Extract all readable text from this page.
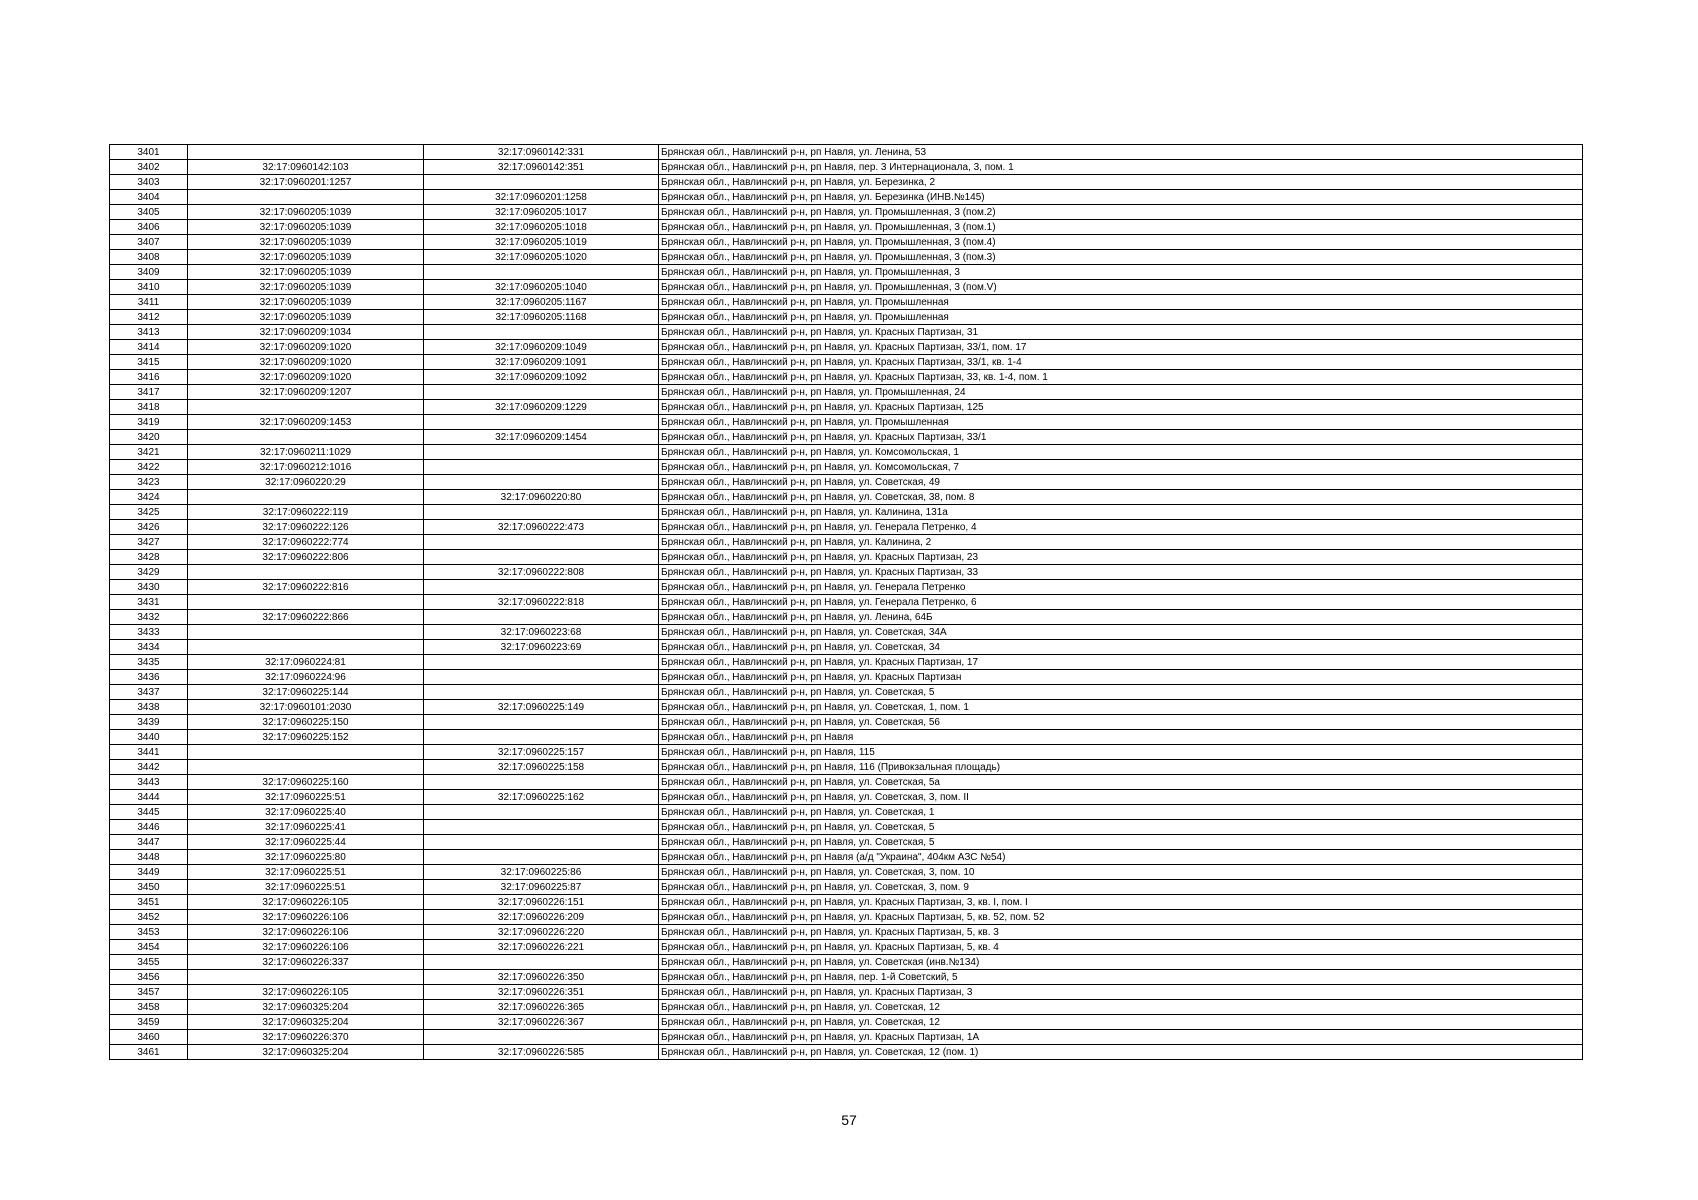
3401		32:17:0960142:331	Брянская обл., Навлинский р-н, рп Навля, ул. Ленина, 53
3402	32:17:0960142:103	32:17:0960142:351	Брянская обл., Навлинский р-н, рп Навля, пер. 3 Интернационала, 3, пом. 1
3403	32:17:0960201:1257		Брянская обл., Навлинский р-н, рп Навля, ул. Березинка, 2
3404		32:17:0960201:1258	Брянская обл., Навлинский р-н, рп Навля, ул. Березинка (ИНВ.№145)
3405	32:17:0960205:1039	32:17:0960205:1017	Брянская обл., Навлинский р-н, рп Навля, ул. Промышленная, 3 (пом.2)
3406	32:17:0960205:1039	32:17:0960205:1018	Брянская обл., Навлинский р-н, рп Навля, ул. Промышленная, 3 (пом.1)
3407	32:17:0960205:1039	32:17:0960205:1019	Брянская обл., Навлинский р-н, рп Навля, ул. Промышленная, 3 (пом.4)
3408	32:17:0960205:1039	32:17:0960205:1020	Брянская обл., Навлинский р-н, рп Навля, ул. Промышленная, 3 (пом.3)
3409	32:17:0960205:1039		Брянская обл., Навлинский р-н, рп Навля, ул. Промышленная, 3
3410	32:17:0960205:1039	32:17:0960205:1040	Брянская обл., Навлинский р-н, рп Навля, ул. Промышленная, 3 (пом.V)
3411	32:17:0960205:1039	32:17:0960205:1167	Брянская обл., Навлинский р-н, рп Навля, ул. Промышленная
3412	32:17:0960205:1039	32:17:0960205:1168	Брянская обл., Навлинский р-н, рп Навля, ул. Промышленная
3413	32:17:0960209:1034		Брянская обл., Навлинский р-н, рп Навля, ул. Красных Партизан, 31
3414	32:17:0960209:1020	32:17:0960209:1049	Брянская обл., Навлинский р-н, рп Навля, ул. Красных Партизан, 33/1, пом. 17
3415	32:17:0960209:1020	32:17:0960209:1091	Брянская обл., Навлинский р-н, рп Навля, ул. Красных Партизан, 33/1, кв. 1-4
3416	32:17:0960209:1020	32:17:0960209:1092	Брянская обл., Навлинский р-н, рп Навля, ул. Красных Партизан, 33, кв. 1-4, пом. 1
3417	32:17:0960209:1207		Брянская обл., Навлинский р-н, рп Навля, ул. Промышленная, 24
3418		32:17:0960209:1229	Брянская обл., Навлинский р-н, рп Навля, ул. Красных Партизан, 125
3419	32:17:0960209:1453		Брянская обл., Навлинский р-н, рп Навля, ул. Промышленная
3420		32:17:0960209:1454	Брянская обл., Навлинский р-н, рп Навля, ул. Красных Партизан, 33/1
3421	32:17:0960211:1029		Брянская обл., Навлинский р-н, рп Навля, ул. Комсомольская, 1
3422	32:17:0960212:1016		Брянская обл., Навлинский р-н, рп Навля, ул. Комсомольская, 7
3423	32:17:0960220:29		Брянская обл., Навлинский р-н, рп Навля, ул. Советская, 49
3424		32:17:0960220:80	Брянская обл., Навлинский р-н, рп Навля, ул. Советская, 38, пом. 8
3425	32:17:0960222:119		Брянская обл., Навлинский р-н, рп Навля, ул. Калинина, 131а
3426	32:17:0960222:126	32:17:0960222:473	Брянская обл., Навлинский р-н, рп Навля, ул. Генерала Петренко, 4
3427	32:17:0960222:774		Брянская обл., Навлинский р-н, рп Навля, ул. Калинина, 2
3428	32:17:0960222:806		Брянская обл., Навлинский р-н, рп Навля, ул. Красных Партизан, 23
3429		32:17:0960222:808	Брянская обл., Навлинский р-н, рп Навля, ул. Красных Партизан, 33
3430	32:17:0960222:816		Брянская обл., Навлинский р-н, рп Навля, ул. Генерала Петренко
3431		32:17:0960222:818	Брянская обл., Навлинский р-н, рп Навля, ул. Генерала Петренко, 6
3432	32:17:0960222:866		Брянская обл., Навлинский р-н, рп Навля, ул. Ленина, 64Б
3433		32:17:0960223:68	Брянская обл., Навлинский р-н, рп Навля, ул. Советская, 34А
3434		32:17:0960223:69	Брянская обл., Навлинский р-н, рп Навля, ул. Советская, 34
3435	32:17:0960224:81		Брянская обл., Навлинский р-н, рп Навля, ул. Красных Партизан, 17
3436	32:17:0960224:96		Брянская обл., Навлинский р-н, рп Навля, ул. Красных Партизан
3437	32:17:0960225:144		Брянская обл., Навлинский р-н, рп Навля, ул. Советская, 5
3438	32:17:0960101:2030	32:17:0960225:149	Брянская обл., Навлинский р-н, рп Навля, ул. Советская, 1, пом. 1
3439	32:17:0960225:150		Брянская обл., Навлинский р-н, рп Навля, ул. Советская, 56
3440	32:17:0960225:152		Брянская обл., Навлинский р-н, рп Навля
3441		32:17:0960225:157	Брянская обл., Навлинский р-н, рп Навля, 115
3442		32:17:0960225:158	Брянская обл., Навлинский р-н, рп Навля, 116 (Привокзальная площадь)
3443	32:17:0960225:160		Брянская обл., Навлинский р-н, рп Навля, ул. Советская, 5а
3444	32:17:0960225:51	32:17:0960225:162	Брянская обл., Навлинский р-н, рп Навля, ул. Советская, 3, пом. II
3445	32:17:0960225:40		Брянская обл., Навлинский р-н, рп Навля, ул. Советская, 1
3446	32:17:0960225:41		Брянская обл., Навлинский р-н, рп Навля, ул. Советская, 5
3447	32:17:0960225:44		Брянская обл., Навлинский р-н, рп Навля, ул. Советская, 5
3448	32:17:0960225:80		Брянская обл., Навлинский р-н, рп Навля (а/д "Украина", 404км АЗС №54)
3449	32:17:0960225:51	32:17:0960225:86	Брянская обл., Навлинский р-н, рп Навля, ул. Советская, 3, пом. 10
3450	32:17:0960225:51	32:17:0960225:87	Брянская обл., Навлинский р-н, рп Навля, ул. Советская, 3, пом. 9
3451	32:17:0960226:105	32:17:0960226:151	Брянская обл., Навлинский р-н, рп Навля, ул. Красных Партизан, 3, кв. I, пом. I
3452	32:17:0960226:106	32:17:0960226:209	Брянская обл., Навлинский р-н, рп Навля, ул. Красных Партизан, 5, кв. 52, пом. 52
3453	32:17:0960226:106	32:17:0960226:220	Брянская обл., Навлинский р-н, рп Навля, ул. Красных Партизан, 5, кв. 3
3454	32:17:0960226:106	32:17:0960226:221	Брянская обл., Навлинский р-н, рп Навля, ул. Красных Партизан, 5, кв. 4
3455	32:17:0960226:337		Брянская обл., Навлинский р-н, рп Навля, ул. Советская (инв.№134)
3456		32:17:0960226:350	Брянская обл., Навлинский р-н, рп Навля, пер. 1-й Советский, 5
3457	32:17:0960226:105	32:17:0960226:351	Брянская обл., Навлинский р-н, рп Навля, ул. Красных Партизан, 3
3458	32:17:0960325:204	32:17:0960226:365	Брянская обл., Навлинский р-н, рп Навля, ул. Советская, 12
3459	32:17:0960325:204	32:17:0960226:367	Брянская обл., Навлинский р-н, рп Навля, ул. Советская, 12
3460	32:17:0960226:370		Брянская обл., Навлинский р-н, рп Навля, ул. Красных Партизан, 1А
3461	32:17:0960325:204	32:17:0960226:585	Брянская обл., Навлинский р-н, рп Навля, ул. Советская, 12 (пом. 1)
57
